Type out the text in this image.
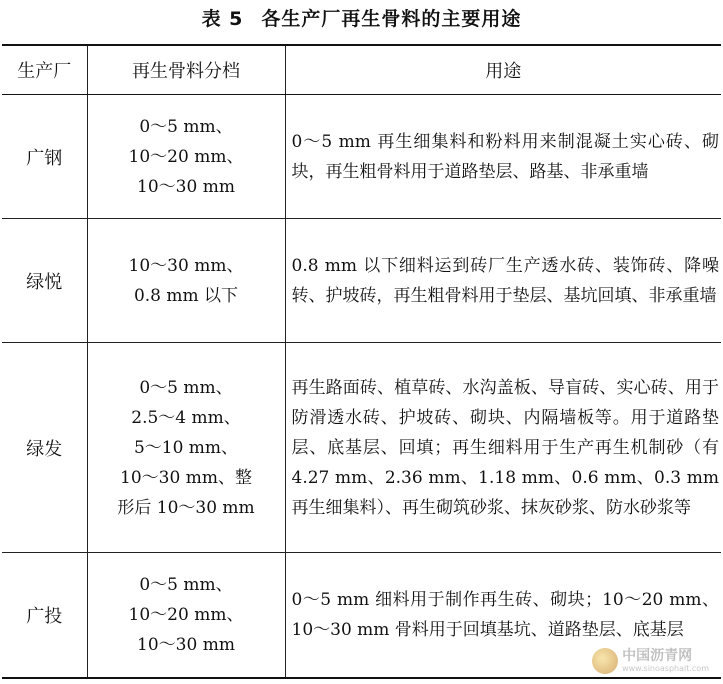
表 5 各生产厂再生骨料的主要用途
生产厂	再生骨料分档	用途
广钢	0～5 mm、
10～20 mm、
10～30 mm	0～5 mm 再生细集料和粉料用来制混凝土实心砖、砌块，再生粗骨料用于道路垫层、路基、非承重墙
绿悦	10～30 mm、
0.8 mm 以下	0.8 mm 以下细料运到砖厂生产透水砖、装饰砖、降噪转、护坡砖，再生粗骨料用于垫层、基坑回填、非承重墙
绿发	0～5 mm、
2.5～4 mm、
5～10 mm、
10～30 mm、整
形后 10～30 mm	再生路面砖、植草砖、水沟盖板、导盲砖、实心砖、用于防滑透水砖、护坡砖、砌块、内隔墙板等。用于道路垫层、底基层、回填；再生细料用于生产再生机制砂（有 4.27 mm、2.36 mm、1.18 mm、0.6 mm、0.3 mm 再生细集料）、再生砌筑砂浆、抹灰砂浆、防水砂浆等
广投	0～5 mm、
10～20 mm、
10～30 mm	0～5 mm 细料用于制作再生砖、砌块；10～20 mm、10～30 mm 骨料用于回填基坑、道路垫层、底基层
中国沥青网
www.sinoasphalt.com
